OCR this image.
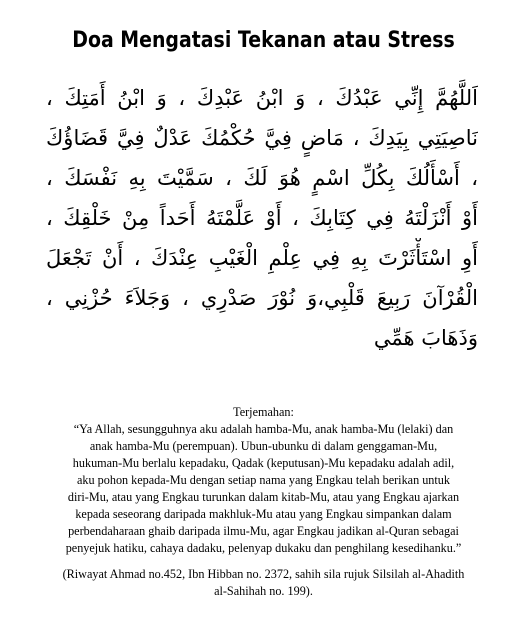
Doa Mengatasi Tekanan atau Stress
اَللَّهُمَّ إِنِّي عَبْدُكَ ، وَ ابْنُ عَبْدِكَ ، وَ ابْنُ أَمَتِكَ ،
نَاصِيَتِي بِيَدِكَ ، مَاضٍ فِيَّ حُكْمُكَ عَدْلٌ فِيَّ قَضَاؤُكَ
، أَسْأَلُكَ بِكُلِّ اسْمٍ هُوَ لَكَ ، سَمَّيْتَ بِهِ نَفْسَكَ ،
أَوْ أَنْزَلْتَهُ فِي كِتَابِكَ ، أَوْ عَلَّمْتَهُ أَحَداً مِنْ خَلْقِكَ ،
أَوِ اسْتَأْثَرْتَ بِهِ فِي عِلْمِ الْغَيْبِ عِنْدَكَ ، أَنْ تَجْعَلَ
الْقُرْآنَ رَبِيعَ قَلْبِي،وَ نُوْرَ صَدْرِي ، وَجَلاَءَ حُزْنِي ،
وَذَهَابَ هَمِّي
Terjemahan:
“Ya Allah, sesungguhnya aku adalah hamba-Mu, anak hamba-Mu (lelaki) dan
anak hamba-Mu (perempuan). Ubun-ubunku di dalam genggaman-Mu,
hukuman-Mu berlalu kepadaku, Qadak (keputusan)-Mu kepadaku adalah adil,
aku pohon kepada-Mu dengan setiap nama yang Engkau telah berikan untuk
diri-Mu, atau yang Engkau turunkan dalam kitab-Mu, atau yang Engkau ajarkan
kepada seseorang daripada makhluk-Mu atau yang Engkau simpankan dalam
perbendaharaan ghaib daripada ilmu-Mu, agar Engkau jadikan al-Quran sebagai
penyejuk hatiku, cahaya dadaku, pelenyap dukaku dan penghilang kesedihanku.”
(Riwayat Ahmad no.452, Ibn Hibban no. 2372, sahih sila rujuk Silsilah al-Ahadith
al-Sahihah no. 199).
